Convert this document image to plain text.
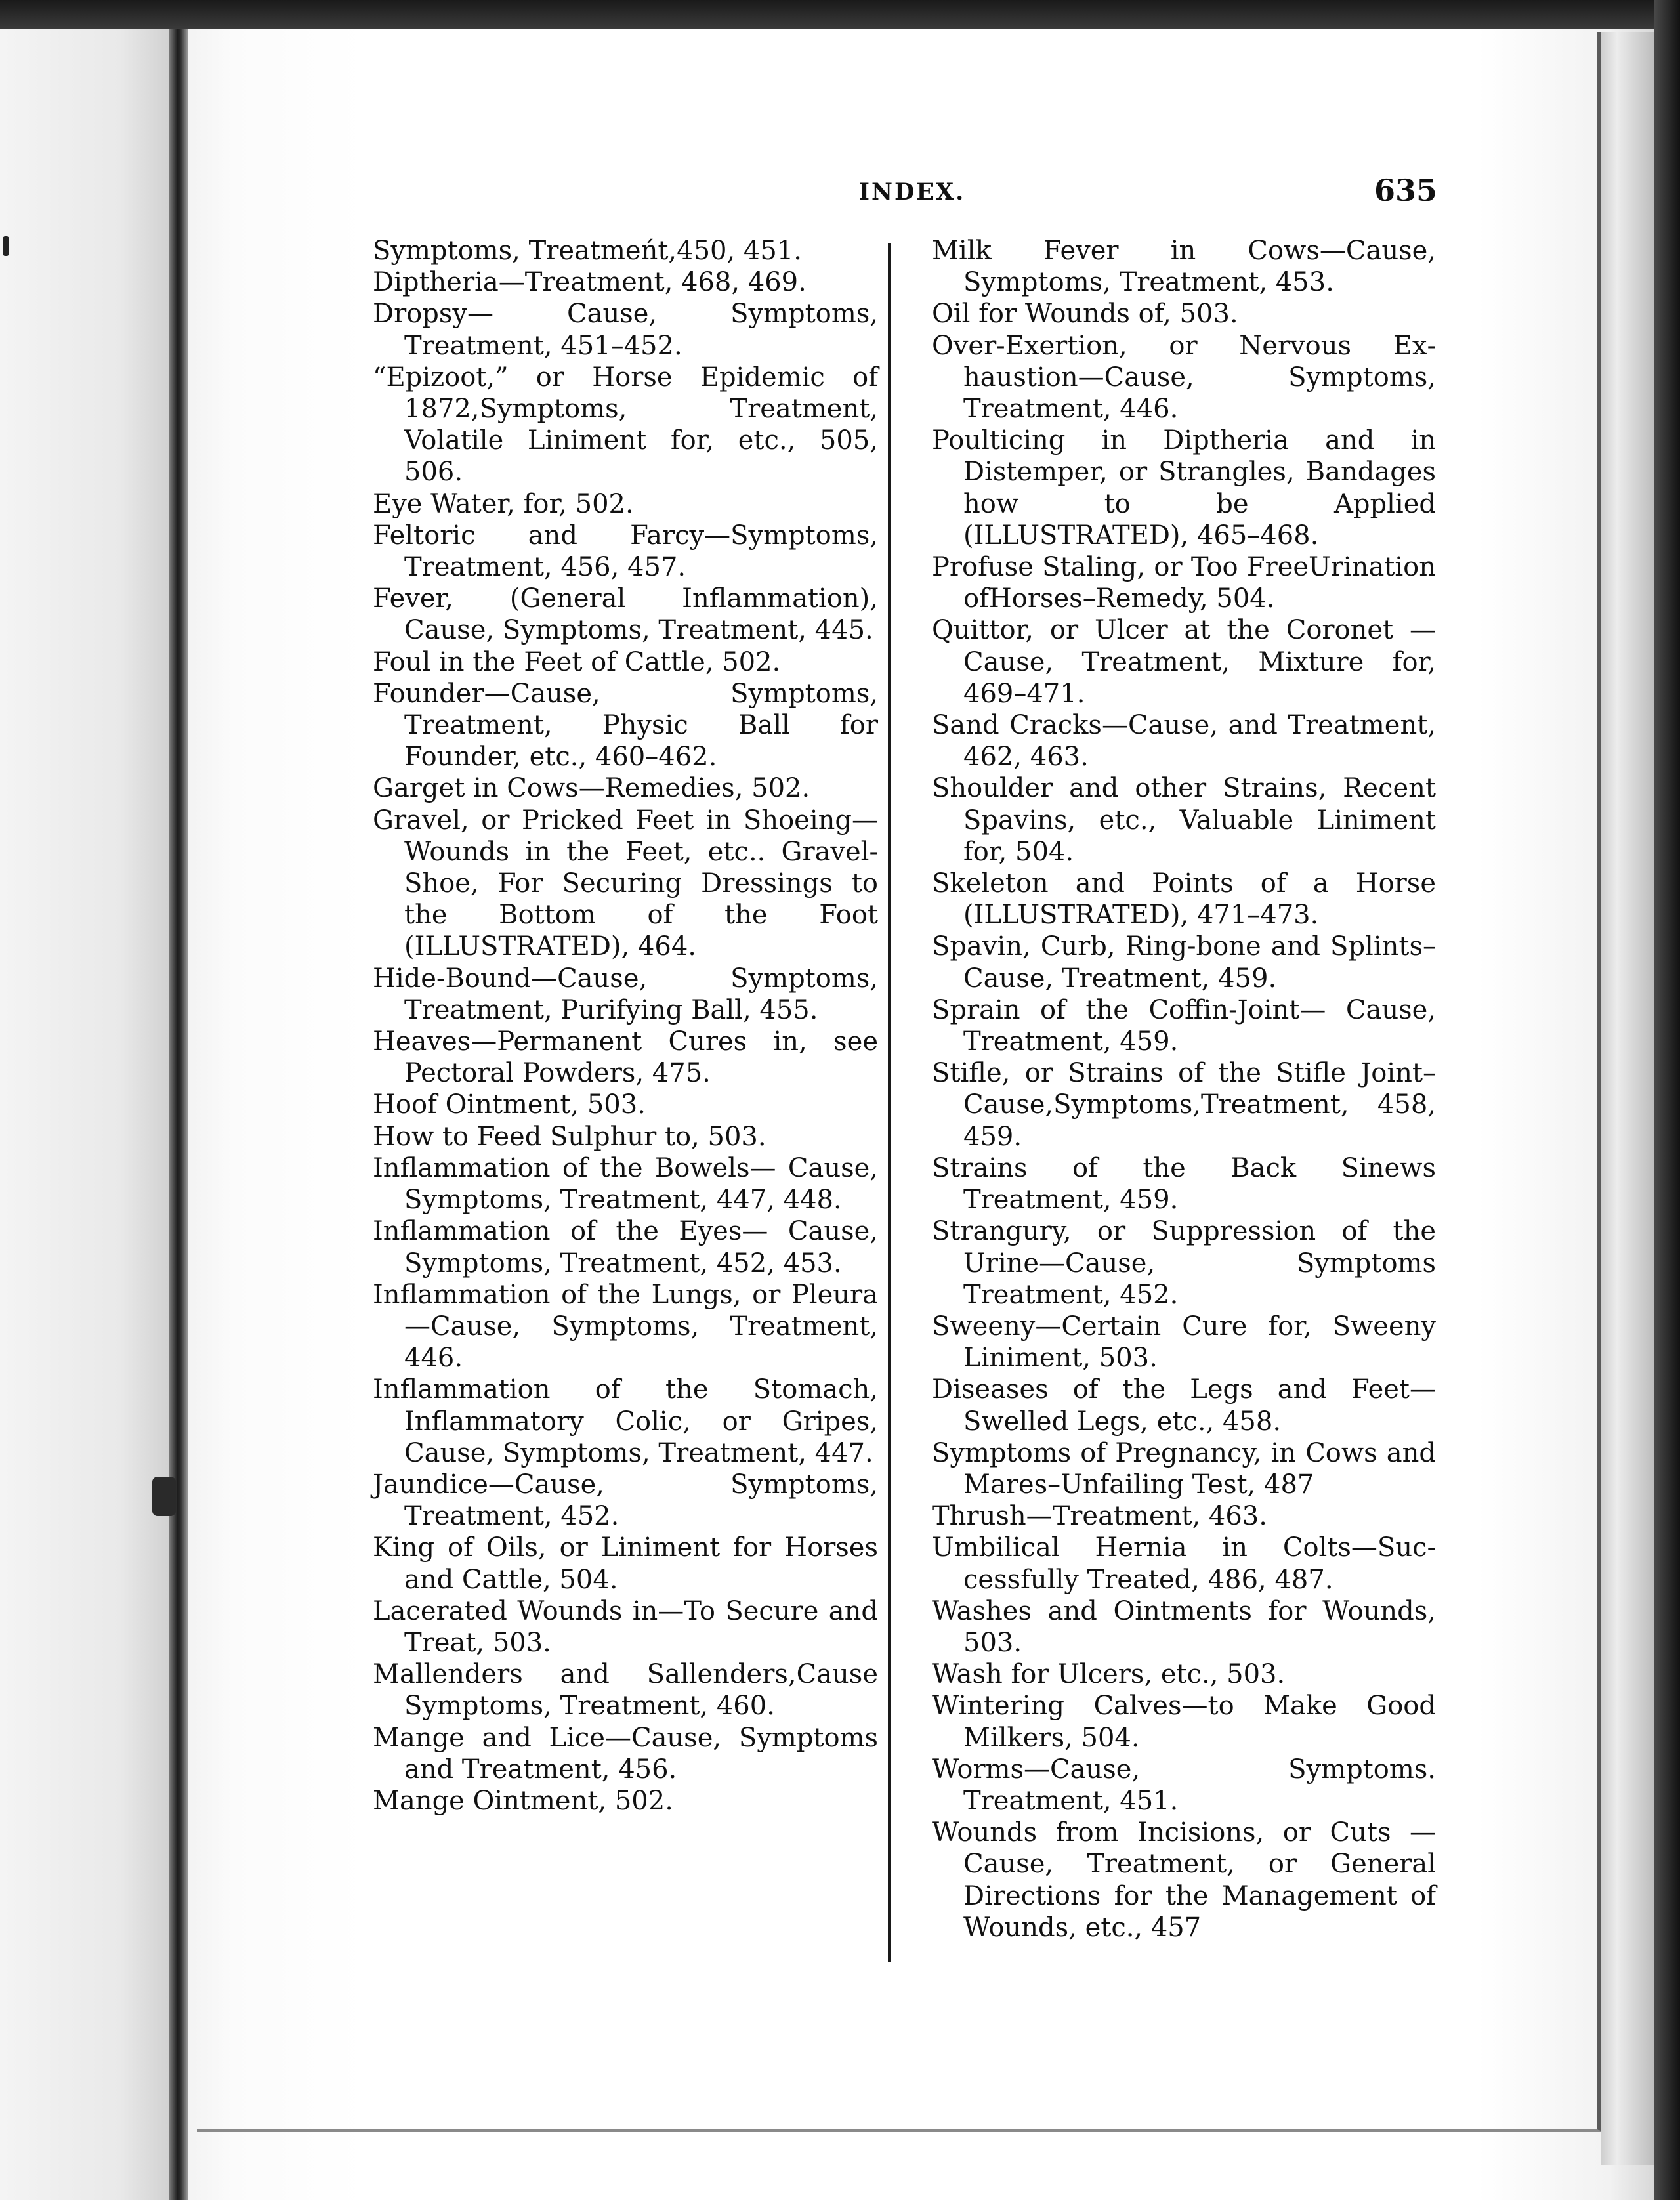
INDEX.	635
Symptoms, Treatmeńt,450, 451.
Diptheria—Treatment, 468, 469.
Dropsy— Cause, Symptoms, Treatment, 451–452.
“Epizoot,” or Horse Epidemic of 1872,Symptoms, Treatment, Volatile Liniment for, etc., 505, 506.
Eye Water, for, 502.
Feltoric and Farcy—Symptoms, Treatment, 456, 457.
Fever, (General Inflammation), Cause, Symptoms, Treatment, 445.
Foul in the Feet of Cattle, 502.
Founder—Cause, Symptoms, Treatment, Physic Ball for Founder, etc., 460–462.
Garget in Cows—Remedies, 502.
Gravel, or Pricked Feet in Shoeing—Wounds in the Feet, etc.. Gravel-Shoe, For Securing Dressings to the Bottom of the Foot (ILLUSTRATED), 464.
Hide-Bound—Cause, Symptoms, Treatment, Purifying Ball, 455.
Heaves—Permanent Cures in, see Pectoral Powders, 475.
Hoof Ointment, 503.
How to Feed Sulphur to, 503.
Inflammation of the Bowels— Cause, Symptoms, Treatment, 447, 448.
Inflammation of the Eyes— Cause, Symptoms, Treatment, 452, 453.
Inflammation of the Lungs, or Pleura—Cause, Symptoms, Treatment, 446.
Inflammation of the Stomach, Inflammatory Colic, or Gripes, Cause, Symptoms, Treatment, 447.
Jaundice—Cause, Symptoms, Treatment, 452.
King of Oils, or Liniment for Horses and Cattle, 504.
Lacerated Wounds in—To Secure and Treat, 503.
Mallenders and Sallenders,Cause Symptoms, Treatment, 460.
Mange and Lice—Cause, Symptoms and Treatment, 456.
Mange Ointment, 502.
Milk Fever in Cows—Cause, Symptoms, Treatment, 453.
Oil for Wounds of, 503.
Over-Exertion, or Nervous Exhaustion—Cause, Symptoms, Treatment, 446.
Poulticing in Diptheria and in Distemper, or Strangles, Bandages how to be Applied (ILLUSTRATED), 465–468.
Profuse Staling, or Too FreeUrination ofHorses–Remedy, 504.
Quittor, or Ulcer at the Coronet —Cause, Treatment, Mixture for, 469–471.
Sand Cracks—Cause, and Treatment, 462, 463.
Shoulder and other Strains, Recent Spavins, etc., Valuable Liniment for, 504.
Skeleton and Points of a Horse (ILLUSTRATED), 471–473.
Spavin, Curb, Ring-bone and Splints–Cause, Treatment, 459.
Sprain of the Coffin-Joint— Cause, Treatment, 459.
Stifle, or Strains of the Stifle Joint–Cause,Symptoms,Treatment, 458, 459.
Strains of the Back Sinews Treatment, 459.
Strangury, or Suppression of the Urine—Cause, Symptoms Treatment, 452.
Sweeny—Certain Cure for, Sweeny Liniment, 503.
Diseases of the Legs and Feet— Swelled Legs, etc., 458.
Symptoms of Pregnancy, in Cows and Mares–Unfailing Test, 487
Thrush—Treatment, 463.
Umbilical Hernia in Colts—Successfully Treated, 486, 487.
Washes and Ointments for Wounds, 503.
Wash for Ulcers, etc., 503.
Wintering Calves—to Make Good Milkers, 504.
Worms—Cause, Symptoms. Treatment, 451.
Wounds from Incisions, or Cuts —Cause, Treatment, or General Directions for the Management of Wounds, etc., 457
